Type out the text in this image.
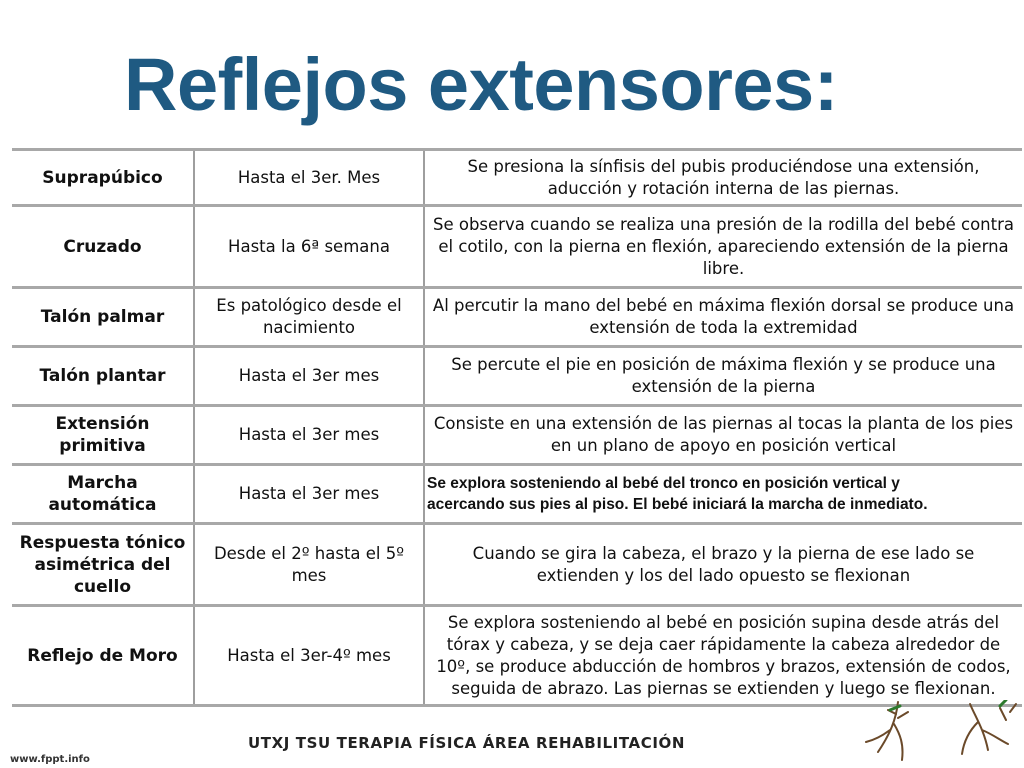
Reflejos extensores:
Suprapúbico	Hasta el 3er. Mes	Se presiona la sínfisis del pubis produciéndose una extensión, aducción y rotación interna de las piernas.
Cruzado	Hasta la 6ª semana	Se observa cuando se realiza una presión de la rodilla del bebé contra el cotilo, con la pierna en flexión, apareciendo extensión de la pierna libre.
Talón palmar	Es patológico desde el nacimiento	Al percutir la mano del bebé en máxima flexión dorsal se produce una extensión de toda la extremidad
Talón plantar	Hasta el 3er mes	Se percute el pie en posición de máxima flexión y se produce una extensión de la pierna
Extensión primitiva	Hasta el 3er mes	Consiste en una extensión de las piernas al tocas la planta de los pies en un plano de apoyo en posición vertical
Marcha automática	Hasta el 3er mes	Se explora sosteniendo al bebé del tronco en posición vertical y
acercando sus pies al piso. El bebé iniciará la marcha de inmediato.

Respuesta tónico asimétrica del cuello	Desde el 2º hasta el 5º mes	Cuando se gira la cabeza, el brazo y la pierna de ese lado se extienden y los del lado opuesto se flexionan
Reflejo de Moro	Hasta el 3er-4º mes	Se explora sosteniendo al bebé en posición supina desde atrás del tórax y cabeza, y se deja caer rápidamente la cabeza alrededor de 10º, se produce abducción de hombros y brazos, extensión de codos, seguida de abrazo. Las piernas se extienden y luego se flexionan.
UTXJ TSU TERAPIA FÍSICA ÁREA REHABILITACIÓN
www.fppt.info
